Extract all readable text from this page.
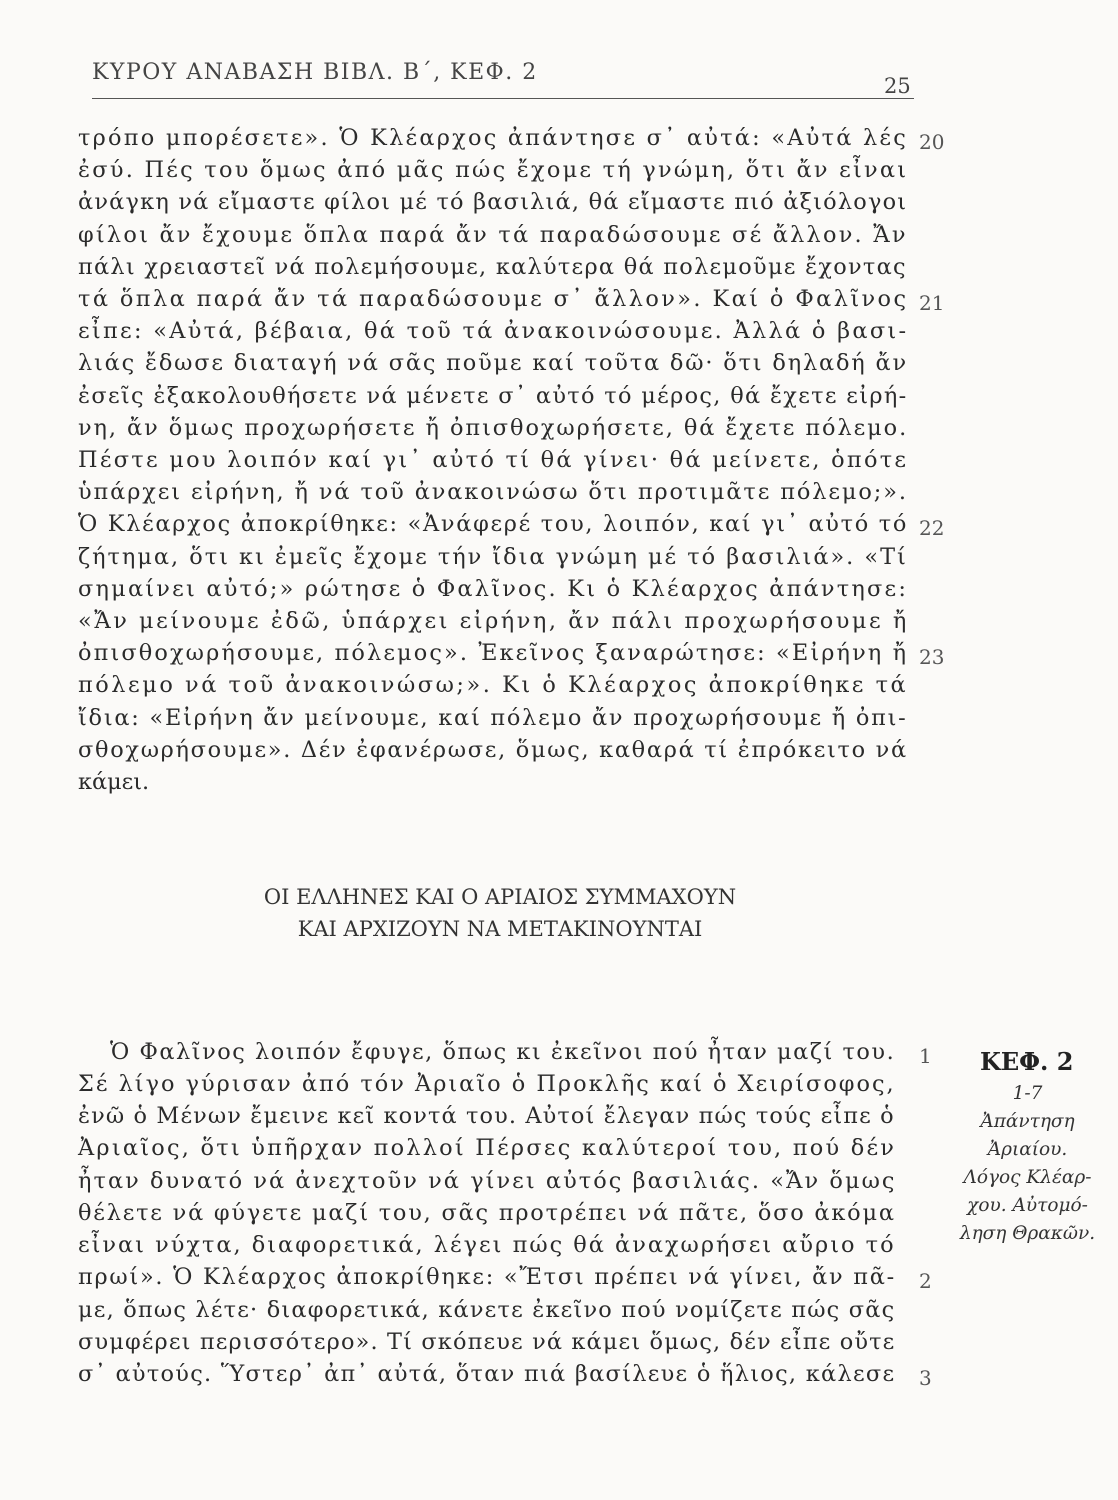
ΚΥΡΟΥ ΑΝΑΒΑΣΗ ΒΙΒΛ. Β΄, ΚΕΦ. 2
25
τρόπο μπορέσετε». Ὁ Κλέαρχος ἀπάντησε σ᾿ αὐτά: «Αὐτά λές
ἐσύ. Πές του ὅμως ἀπό μᾶς πώς ἔχομε τή γνώμη, ὅτι ἄν εἶναι
ἀνάγκη νά εἴμαστε φίλοι μέ τό βασιλιά, θά εἴμαστε πιό ἀξιόλογοι
φίλοι ἄν ἔχουμε ὅπλα παρά ἄν τά παραδώσουμε σέ ἄλλον. Ἄν
πάλι χρειαστεῖ νά πολεμήσουμε, καλύτερα θά πολεμοῦμε ἔχοντας
τά ὅπλα παρά ἄν τά παραδώσουμε σ᾿ ἄλλον». Καί ὁ Φαλῖνος
εἶπε: «Αὐτά, βέβαια, θά τοῦ τά ἀνακοινώσουμε. Ἀλλά ὁ βασι-
λιάς ἔδωσε διαταγή νά σᾶς ποῦμε καί τοῦτα δῶ· ὅτι δηλαδή ἄν
ἐσεῖς ἐξακολουθήσετε νά μένετε σ᾿ αὐτό τό μέρος, θά ἔχετε εἰρή-
νη, ἄν ὅμως προχωρήσετε ἤ ὀπισθοχωρήσετε, θά ἔχετε πόλεμο.
Πέστε μου λοιπόν καί γι᾿ αὐτό τί θά γίνει· θά μείνετε, ὁπότε
ὑπάρχει εἰρήνη, ἤ νά τοῦ ἀνακοινώσω ὅτι προτιμᾶτε πόλεμο;».
Ὁ Κλέαρχος ἀποκρίθηκε: «Ἀνάφερέ του, λοιπόν, καί γι᾿ αὐτό τό
ζήτημα, ὅτι κι ἐμεῖς ἔχομε τήν ἴδια γνώμη μέ τό βασιλιά». «Τί
σημαίνει αὐτό;» ρώτησε ὁ Φαλῖνος. Κι ὁ Κλέαρχος ἀπάντησε:
«Ἄν μείνουμε ἐδῶ, ὑπάρχει εἰρήνη, ἄν πάλι προχωρήσουμε ἤ
ὀπισθοχωρήσουμε, πόλεμος». Ἐκεῖνος ξαναρώτησε: «Εἰρήνη ἤ
πόλεμο νά τοῦ ἀνακοινώσω;». Κι ὁ Κλέαρχος ἀποκρίθηκε τά
ἴδια: «Εἰρήνη ἄν μείνουμε, καί πόλεμο ἄν προχωρήσουμε ἤ ὀπι-
σθοχωρήσουμε». Δέν ἐφανέρωσε, ὅμως, καθαρά τί ἐπρόκειτο νά
κάμει.
20
21
22
23
ΟΙ ΕΛΛΗΝΕΣ ΚΑΙ Ο ΑΡΙΑΙΟΣ ΣΥΜΜΑΧΟΥΝ
ΚΑΙ ΑΡΧΙΖΟΥΝ ΝΑ ΜΕΤΑΚΙΝΟΥΝΤΑΙ
Ὁ Φαλῖνος λοιπόν ἔφυγε, ὅπως κι ἐκεῖνοι πού ἦταν μαζί του.
Σέ λίγο γύρισαν ἀπό τόν Ἀριαῖο ὁ Προκλῆς καί ὁ Χειρίσοφος,
ἐνῶ ὁ Μένων ἔμεινε κεῖ κοντά του. Αὐτοί ἔλεγαν πώς τούς εἶπε ὁ
Ἀριαῖος, ὅτι ὑπῆρχαν πολλοί Πέρσες καλύτεροί του, πού δέν
ἦταν δυνατό νά ἀνεχτοῦν νά γίνει αὐτός βασιλιάς. «Ἄν ὅμως
θέλετε νά φύγετε μαζί του, σᾶς προτρέπει νά πᾶτε, ὅσο ἀκόμα
εἶναι νύχτα, διαφορετικά, λέγει πώς θά ἀναχωρήσει αὔριο τό
πρωί». Ὁ Κλέαρχος ἀποκρίθηκε: «Ἔτσι πρέπει νά γίνει, ἄν πᾶ-
με, ὅπως λέτε· διαφορετικά, κάνετε ἐκεῖνο πού νομίζετε πώς σᾶς
συμφέρει περισσότερο». Τί σκόπευε νά κάμει ὅμως, δέν εἶπε οὔτε
σ᾿ αὐτούς. Ὕστερ᾿ ἀπ᾿ αὐτά, ὅταν πιά βασίλευε ὁ ἥλιος, κάλεσε
1
2
3
ΚΕΦ. 2
1-7
Ἀπάντηση
Ἀριαίου.
Λόγος Κλέαρ-
χου. Αὐτομό-
ληση Θρακῶν.
